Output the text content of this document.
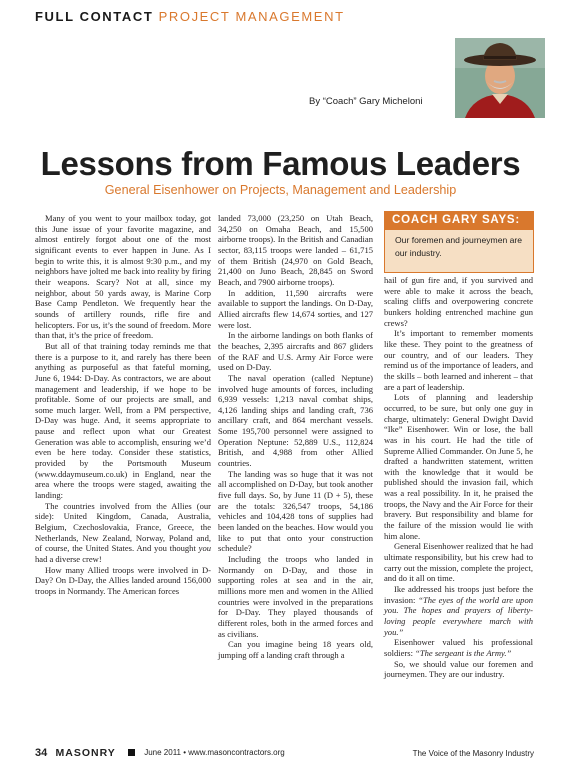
FULL CONTACT PROJECT MANAGEMENT
By “Coach” Gary Micheloni
Lessons from Famous Leaders
General Eisenhower on Projects, Management and Leadership

Many of you went to your mailbox today, got this June issue of your favorite magazine, and almost entirely forgot about one of the most significant events to ever happen in June. As I begin to write this, it is almost 9:30 p.m., and my neighbors have jolted me back into reality by firing their weapons. Scary? Not at all, since my neighbor, about 50 yards away, is Marine Corp Base Camp Pendleton. We frequently hear the sounds of artillery rounds, rifle fire and helicopters. For us, it’s the sound of freedom. More than that, it’s the price of freedom.

But all of that training today reminds me that there is a purpose to it, and rarely has there been anything as purposeful as that fateful morning, June 6, 1944: D-Day. As contractors, we are about management and leadership, if we hope to be profitable. Some of our projects are small, and some much larger. Well, from a PM perspective, D-Day was huge. And, it seems appropriate to pause and reflect upon what our Greatest Generation was able to accomplish, ensuring we’d even be here today. Consider these statistics, provided by the Portsmouth Museum (www.ddaymuseum.co.uk) in England, near the area where the troops were staged, awaiting the landing:

The countries involved from the Allies (our side): United Kingdom, Canada, Australia, Belgium, Czechoslovakia, France, Greece, the Netherlands, New Zealand, Norway, Poland and, of course, the United States. And you thought you had a diverse crew!

How many Allied troops were involved in D-Day? On D-Day, the Allies landed around 156,000 troops in Normandy. The American forces

landed 73,000 (23,250 on Utah Beach, 34,250 on Omaha Beach, and 15,500 airborne troops). In the British and Canadian sector, 83,115 troops were landed – 61,715 of them British (24,970 on Gold Beach, 21,400 on Juno Beach, 28,845 on Sword Beach, and 7900 airborne troops).

In addition, 11,590 aircrafts were available to support the landings. On D-Day, Allied aircrafts flew 14,674 sorties, and 127 were lost.

In the airborne landings on both flanks of the beaches, 2,395 aircrafts and 867 gliders of the RAF and U.S. Army Air Force were used on D-Day.

The naval operation (called Neptune) involved huge amounts of forces, including 6,939 vessels: 1,213 naval combat ships, 4,126 landing ships and landing craft, 736 ancillary craft, and 864 merchant vessels. Some 195,700 personnel were assigned to Operation Neptune: 52,889 U.S., 112,824 British, and 4,988 from other Allied countries.

The landing was so huge that it was not all accomplished on D-Day, but took another five full days. So, by June 11 (D + 5), these are the totals: 326,547 troops, 54,186 vehicles and 104,428 tons of supplies had been landed on the beaches. How would you like to put that onto your construction schedule?

Including the troops who landed in Normandy on D-Day, and those in supporting roles at sea and in the air, millions more men and women in the Allied countries were involved in the preparations for D-Day. They played thousands of different roles, both in the armed forces and as civilians.

Can you imagine being 18 years old, jumping off a landing craft through a

COACH GARY SAYS:
Our foremen and journeymen are our industry.

hail of gun fire and, if you survived and were able to make it across the beach, scaling cliffs and overpowering concrete bunkers holding entrenched machine gun crews?

It’s important to remember moments like these. They point to the greatness of our country, and of our leaders. They remind us of the importance of leaders, and the skills – both learned and inherent – that are a part of leadership.

Lots of planning and leadership occurred, to be sure, but only one guy in charge, ultimately: General Dwight David “Ike” Eisenhower. Win or lose, the ball was in his court. He had the title of Supreme Allied Commander. On June 5, he drafted a handwritten statement, written with the knowledge that it would be published should the invasion fail, which was a real possibility. In it, he praised the troops, the Navy and the Air Force for their bravery. But responsibility and blame for the failure of the mission would lie with him alone.

General Eisenhower realized that he had ultimate responsibility, but his crew had to carry out the mission, complete the project, and do it all on time.

Ike addressed his troops just before the invasion: “The eyes of the world are upon you. The hopes and prayers of liberty-loving people everywhere march with you.”

Eisenhower valued his professional soldiers: “The sergeant is the Army.”

So, we should value our foremen and journeymen. They are our industry.

34 MASONRY	June 2011 • www.masoncontractors.org	The Voice of the Masonry Industry
